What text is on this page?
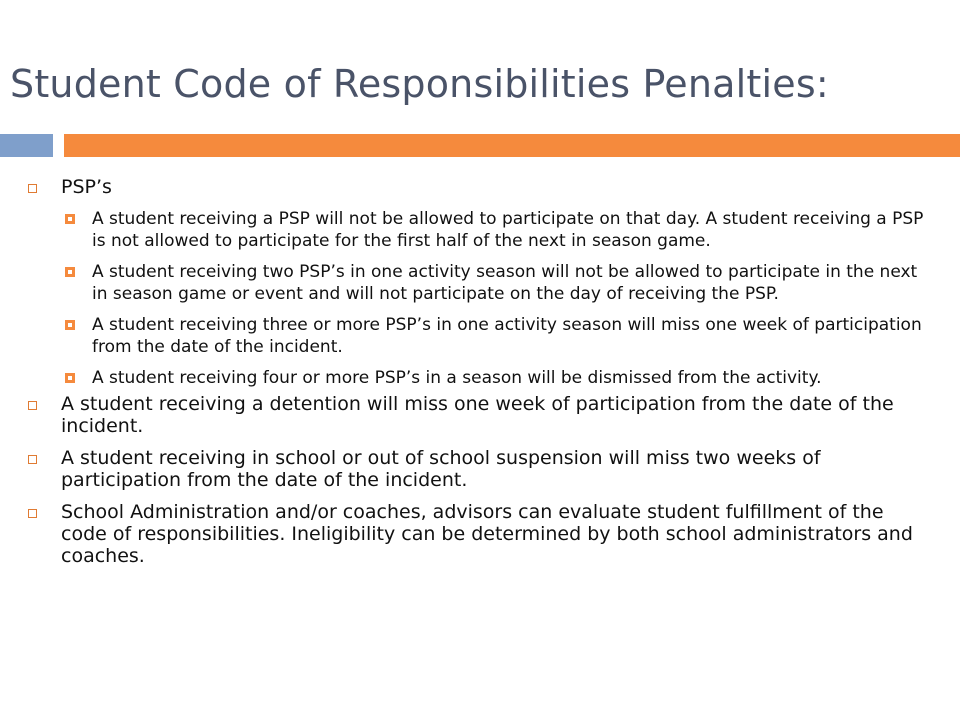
Student Code of Responsibilities Penalties:
PSP’s
A student receiving a PSP will not be allowed to participate on that day. A student receiving a PSP is not allowed to participate for the first half of the next in season game.
A student receiving two PSP’s in one activity season will not be allowed to participate in the next in season game or event and will not participate on the day of receiving the PSP.
A student receiving three or more PSP’s in one activity season will miss one week of participation from the date of the incident.
A student receiving four or more PSP’s in a season will be dismissed from the activity.
A student receiving a detention will miss one week of participation from the date of the incident.
A student receiving in school or out of school suspension will miss two weeks of participation from the date of the incident.
School Administration and/or coaches, advisors can evaluate student fulfillment of the code of responsibilities. Ineligibility can be determined by both school administrators and coaches.
